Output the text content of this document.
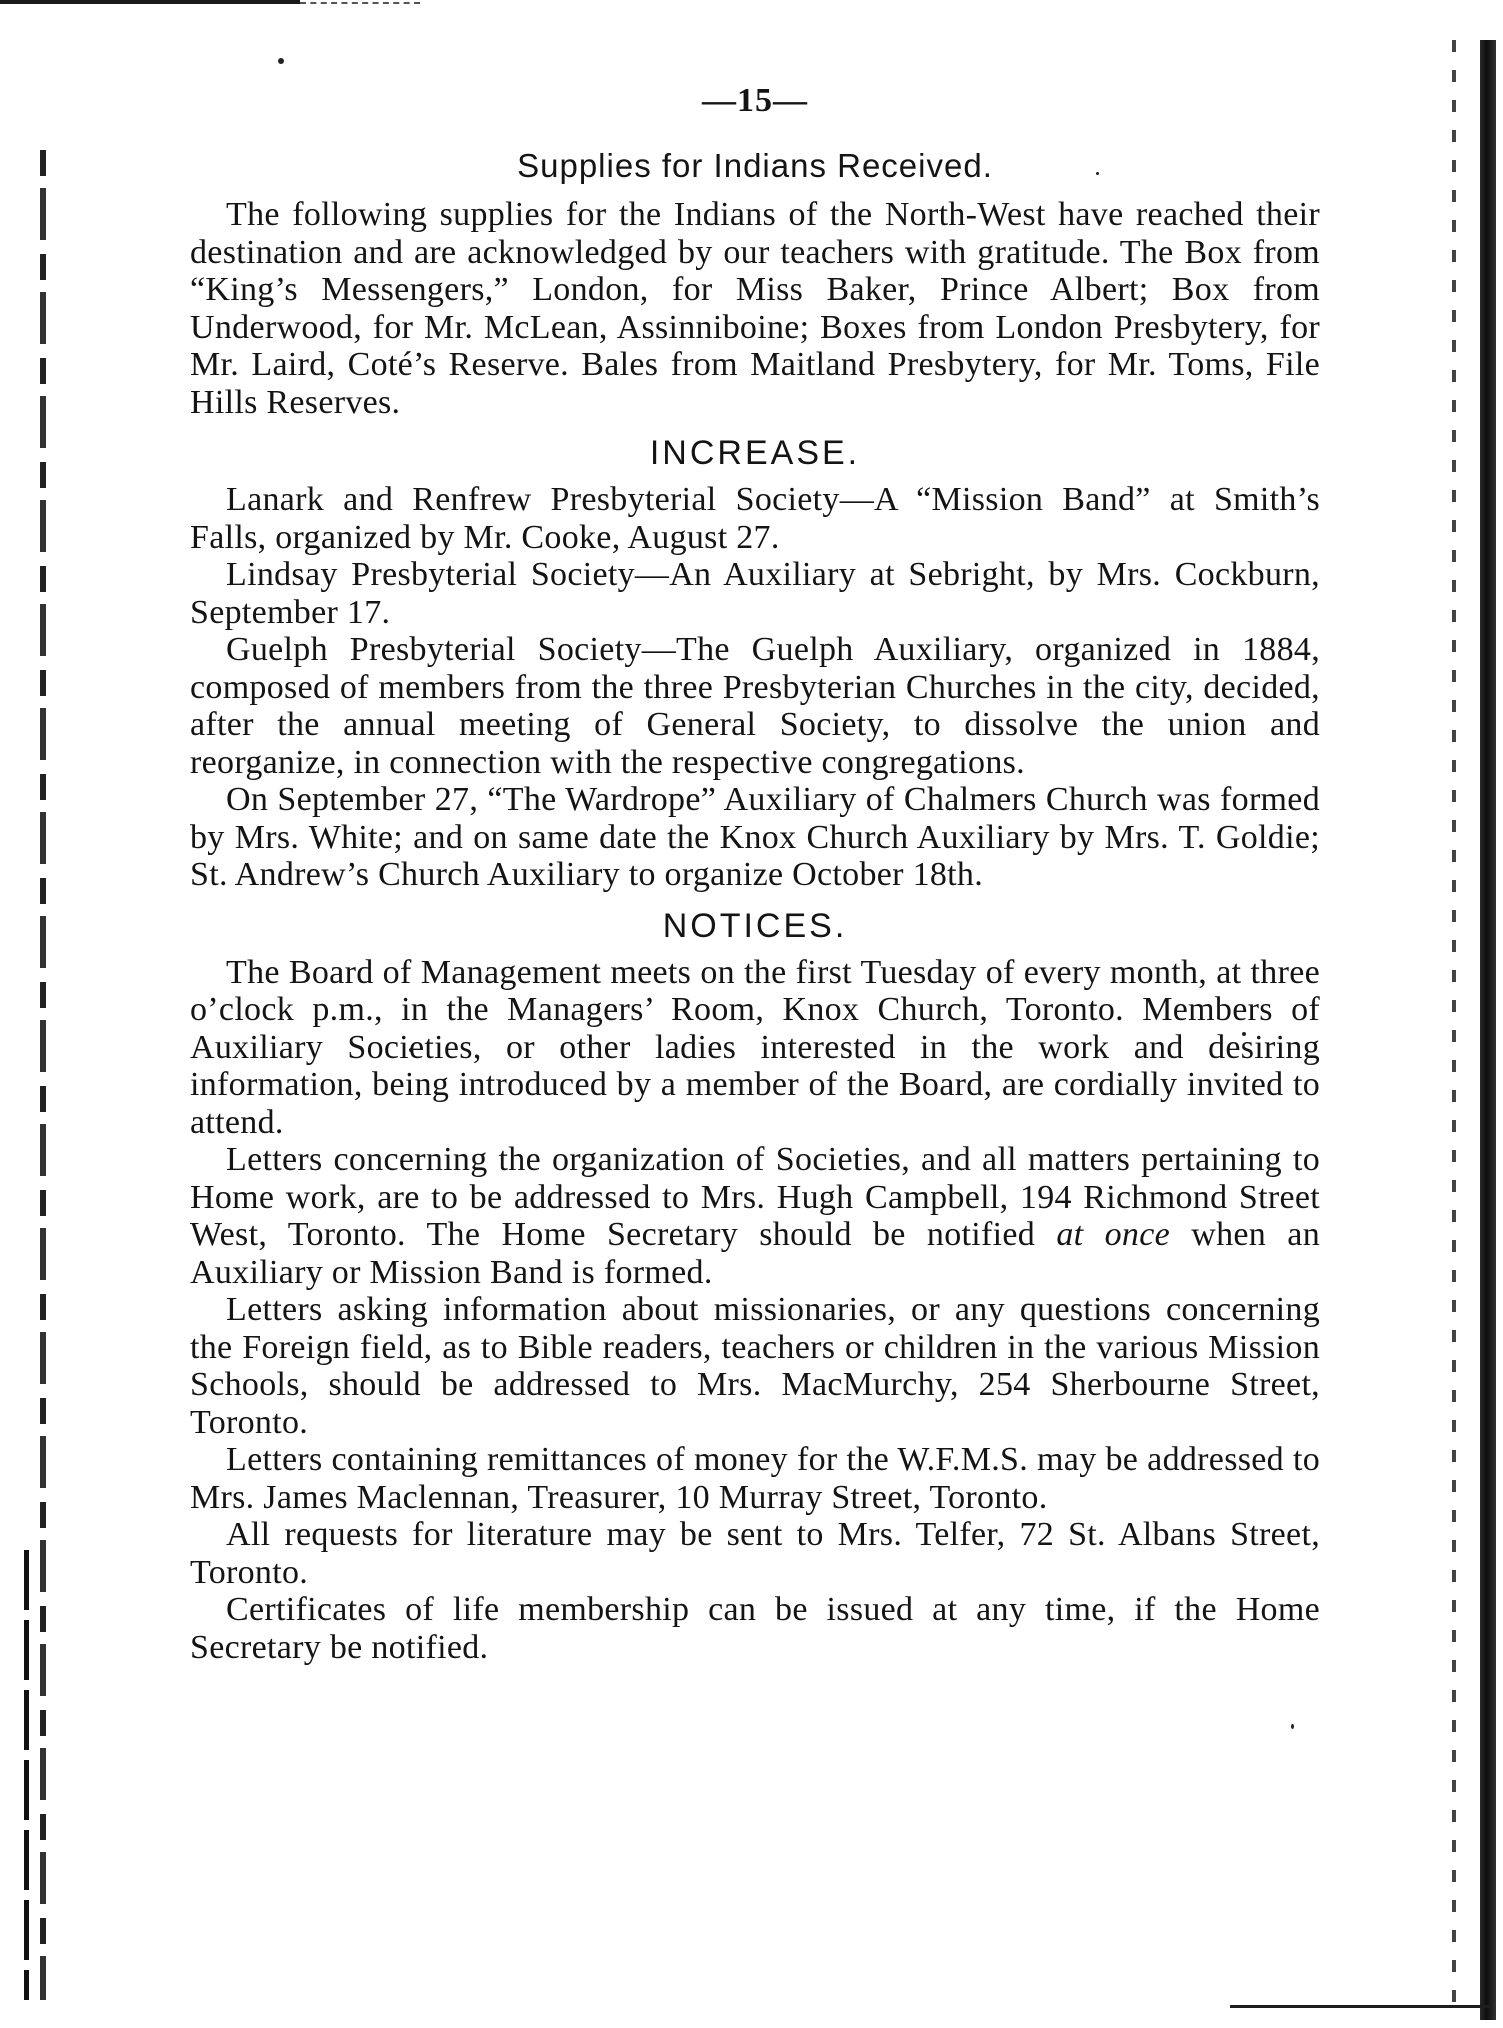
—15—
Supplies for Indians Received.

The following supplies for the Indians of the North-West have reached their destination and are acknowledged by our teachers with gratitude. The Box from “King’s Messengers,” London, for Miss Baker, Prince Albert; Box from Underwood, for Mr. McLean, Assinniboine; Boxes from London Presbytery, for Mr. Laird, Coté’s Reserve. Bales from Maitland Presbytery, for Mr. Toms, File Hills Reserves.

INCREASE.

Lanark and Renfrew Presbyterial Society—A “Mission Band” at Smith’s Falls, organized by Mr. Cooke, August 27.

Lindsay Presbyterial Society—An Auxiliary at Sebright, by Mrs. Cockburn, September 17.

Guelph Presbyterial Society—The Guelph Auxiliary, organized in 1884, composed of members from the three Presbyterian Churches in the city, decided, after the annual meeting of General Society, to dissolve the union and reorganize, in connection with the respective congregations.

On September 27, “The Wardrope” Auxiliary of Chalmers Church was formed by Mrs. White; and on same date the Knox Church Auxiliary by Mrs. T. Goldie; St. Andrew’s Church Auxiliary to organize October 18th.

NOTICES.

The Board of Management meets on the first Tuesday of every month, at three o’clock p.m., in the Managers’ Room, Knox Church, Toronto. Members of Auxiliary Societies, or other ladies interested in the work and desiring information, being introduced by a member of the Board, are cordially invited to attend.

Letters concerning the organization of Societies, and all matters pertaining to Home work, are to be addressed to Mrs. Hugh Campbell, 194 Richmond Street West, Toronto. The Home Secretary should be notified at once when an Auxiliary or Mission Band is formed.

Letters asking information about missionaries, or any questions concerning the Foreign field, as to Bible readers, teachers or children in the various Mission Schools, should be addressed to Mrs. MacMurchy, 254 Sherbourne Street, Toronto.

Letters containing remittances of money for the W.F.M.S. may be addressed to Mrs. James Maclennan, Treasurer, 10 Murray Street, Toronto.

All requests for literature may be sent to Mrs. Telfer, 72 St. Albans Street, Toronto.

Certificates of life membership can be issued at any time, if the Home Secretary be notified.
